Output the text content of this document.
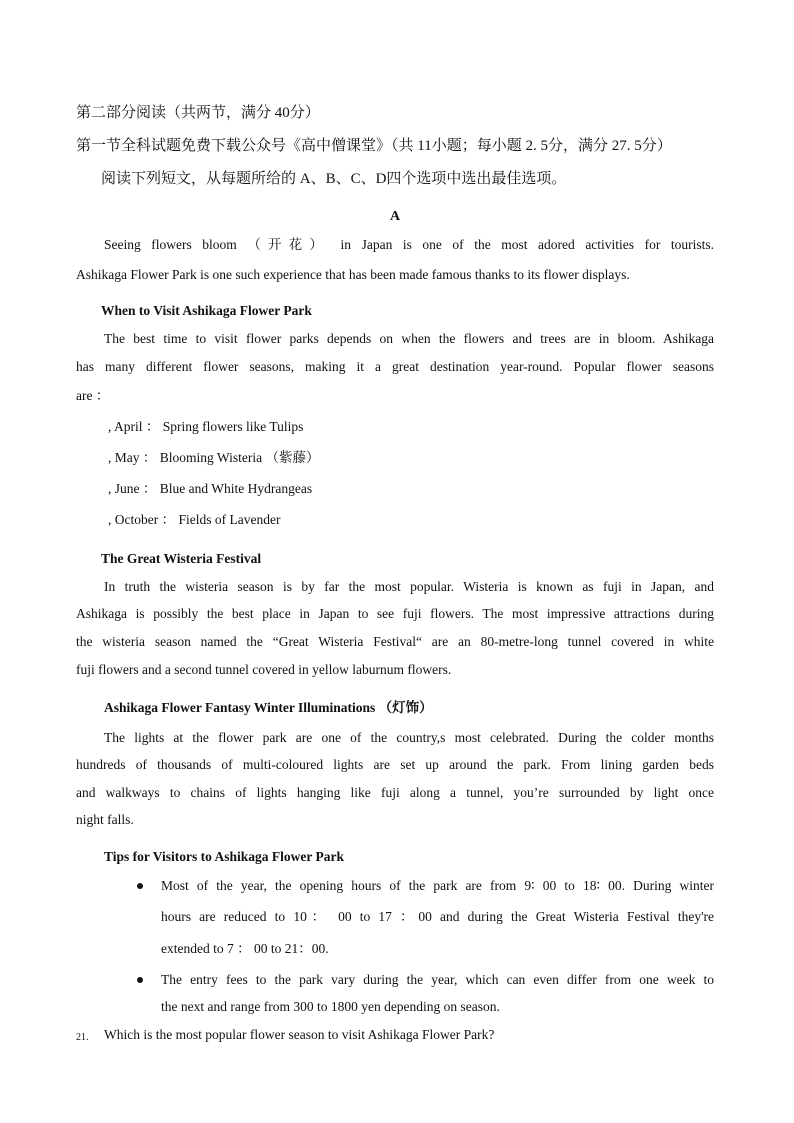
第二部分阅读（共两节，满分 40分）
第一节全科试题免费下载公众号《高中僧课堂》（共 11小题；每小题 2. 5分，满分 27. 5分）
阅读下列短文，从每题所给的 A、B、C、D四个选项中选出最佳选项。
A
Seeing flowers bloom （开花） in Japan is one of the most adored activities for tourists.
Ashikaga Flower Park is one such experience that has been made famous thanks to its flower displays.
When to Visit Ashikaga Flower Park
The best time to visit flower parks depends on when the flowers and trees are in bloom. Ashikaga
has many different flower seasons, making it a great destination year-round. Popular flower seasons
are ：
, April ： Spring flowers like Tulips
, May ： Blooming Wisteria （紫藤）
, June ： Blue and White Hydrangeas
, October ： Fields of Lavender
The Great Wisteria Festival
In truth the wisteria season is by far the most popular. Wisteria is known as fuji in Japan, and
Ashikaga is possibly the best place in Japan to see fuji flowers. The most impressive attractions during
the wisteria season named the “Great Wisteria Festival“ are an 80-metre-long tunnel covered in white
fuji flowers and a second tunnel covered in yellow laburnum flowers.
Ashikaga Flower Fantasy Winter Illuminations （灯饰）
The lights at the flower park are one of the country,s most celebrated. During the colder months
hundreds of thousands of multi-coloured lights are set up around the park. From lining garden beds
and walkways to chains of lights hanging like fuji along a tunnel, you’re surrounded by light once
night falls.
Tips for Visitors to Ashikaga Flower Park
Most of the year, the opening hours of the park are from 9∶ 00 to 18∶ 00. During winter
hours are reduced to 10： 00 to 17 ：00 and during the Great Wisteria Festival they're
extended to 7 ： 00 to 21：00.
The entry fees to the park vary during the year, which can even differ from one week to
the next and range from 300 to 1800 yen depending on season.
21. Which is the most popular flower season to visit Ashikaga Flower Park?
